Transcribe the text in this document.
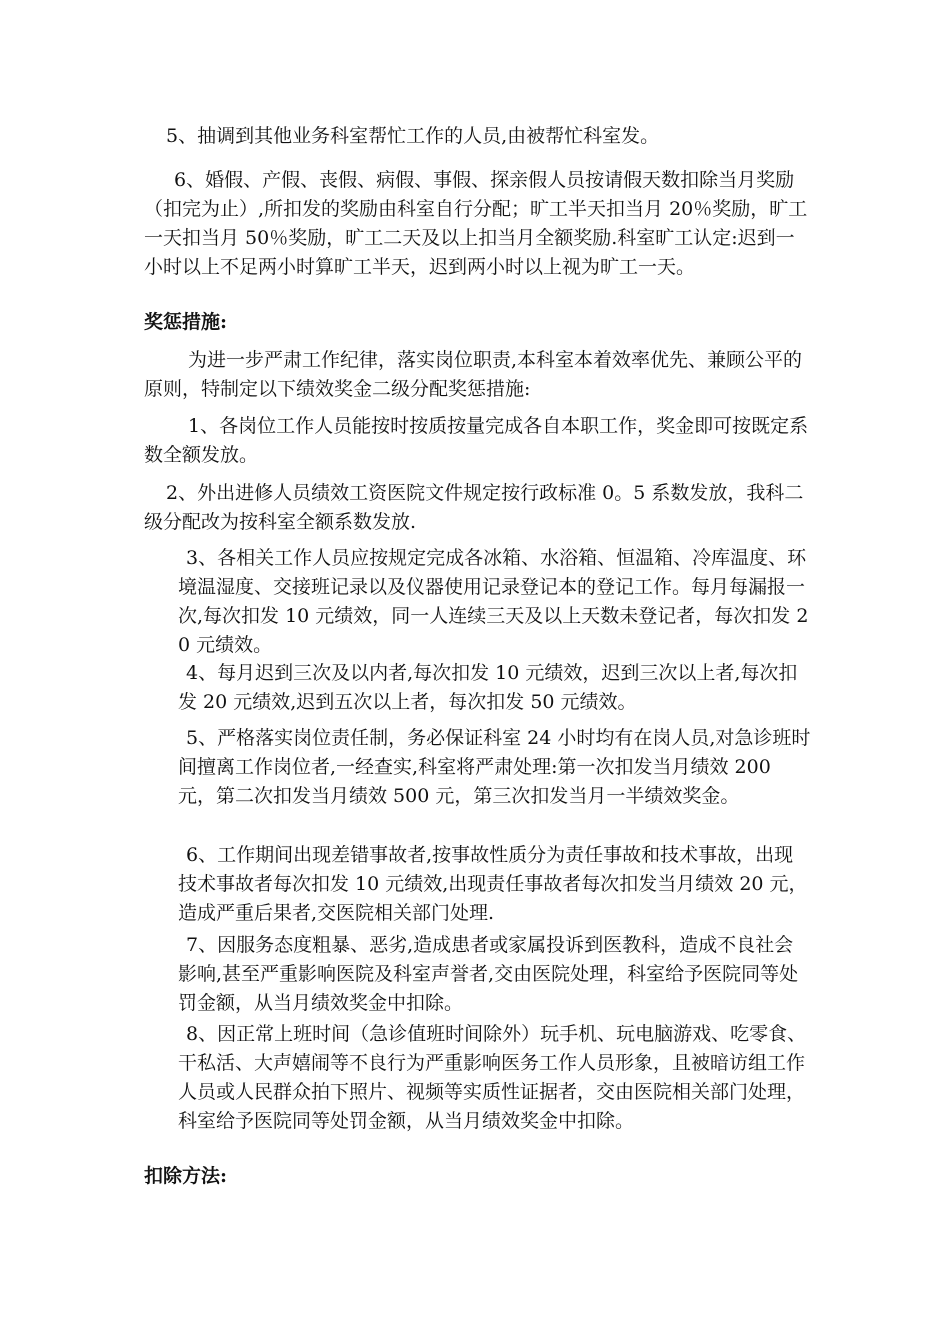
5、抽调到其他业务科室帮忙工作的人员,由被帮忙科室发。

6、婚假、产假、丧假、病假、事假、探亲假人员按请假天数扣除当月奖励（扣完为止）,所扣发的奖励由科室自行分配；旷工半天扣当月 20％奖励，旷工一天扣当月 50％奖励，旷工二天及以上扣当月全额奖励.科室旷工认定:迟到一小时以上不足两小时算旷工半天，迟到两小时以上视为旷工一天。

奖惩措施:

为进一步严肃工作纪律，落实岗位职责,本科室本着效率优先、兼顾公平的原则，特制定以下绩效奖金二级分配奖惩措施:

1、各岗位工作人员能按时按质按量完成各自本职工作，奖金即可按既定系数全额发放。

2、外出进修人员绩效工资医院文件规定按行政标准 0。5 系数发放，我科二级分配改为按科室全额系数发放.

3、各相关工作人员应按规定完成各冰箱、水浴箱、恒温箱、冷库温度、环境温湿度、交接班记录以及仪器使用记录登记本的登记工作。每月每漏报一次,每次扣发 10 元绩效，同一人连续三天及以上天数未登记者，每次扣发 20 元绩效。

4、每月迟到三次及以内者,每次扣发 10 元绩效，迟到三次以上者,每次扣发 20 元绩效,迟到五次以上者，每次扣发 50 元绩效。

5、严格落实岗位责任制，务必保证科室 24 小时均有在岗人员,对急诊班时间擅离工作岗位者,一经查实,科室将严肃处理:第一次扣发当月绩效 200 元，第二次扣发当月绩效 500 元，第三次扣发当月一半绩效奖金。

6、工作期间出现差错事故者,按事故性质分为责任事故和技术事故，出现技术事故者每次扣发 10 元绩效,出现责任事故者每次扣发当月绩效 20 元，造成严重后果者,交医院相关部门处理.

7、因服务态度粗暴、恶劣,造成患者或家属投诉到医教科，造成不良社会影响,甚至严重影响医院及科室声誉者,交由医院处理，科室给予医院同等处罚金额，从当月绩效奖金中扣除。

8、因正常上班时间（急诊值班时间除外）玩手机、玩电脑游戏、吃零食、干私活、大声嬉闹等不良行为严重影响医务工作人员形象，且被暗访组工作人员或人民群众拍下照片、视频等实质性证据者，交由医院相关部门处理，科室给予医院同等处罚金额，从当月绩效奖金中扣除。

扣除方法:
